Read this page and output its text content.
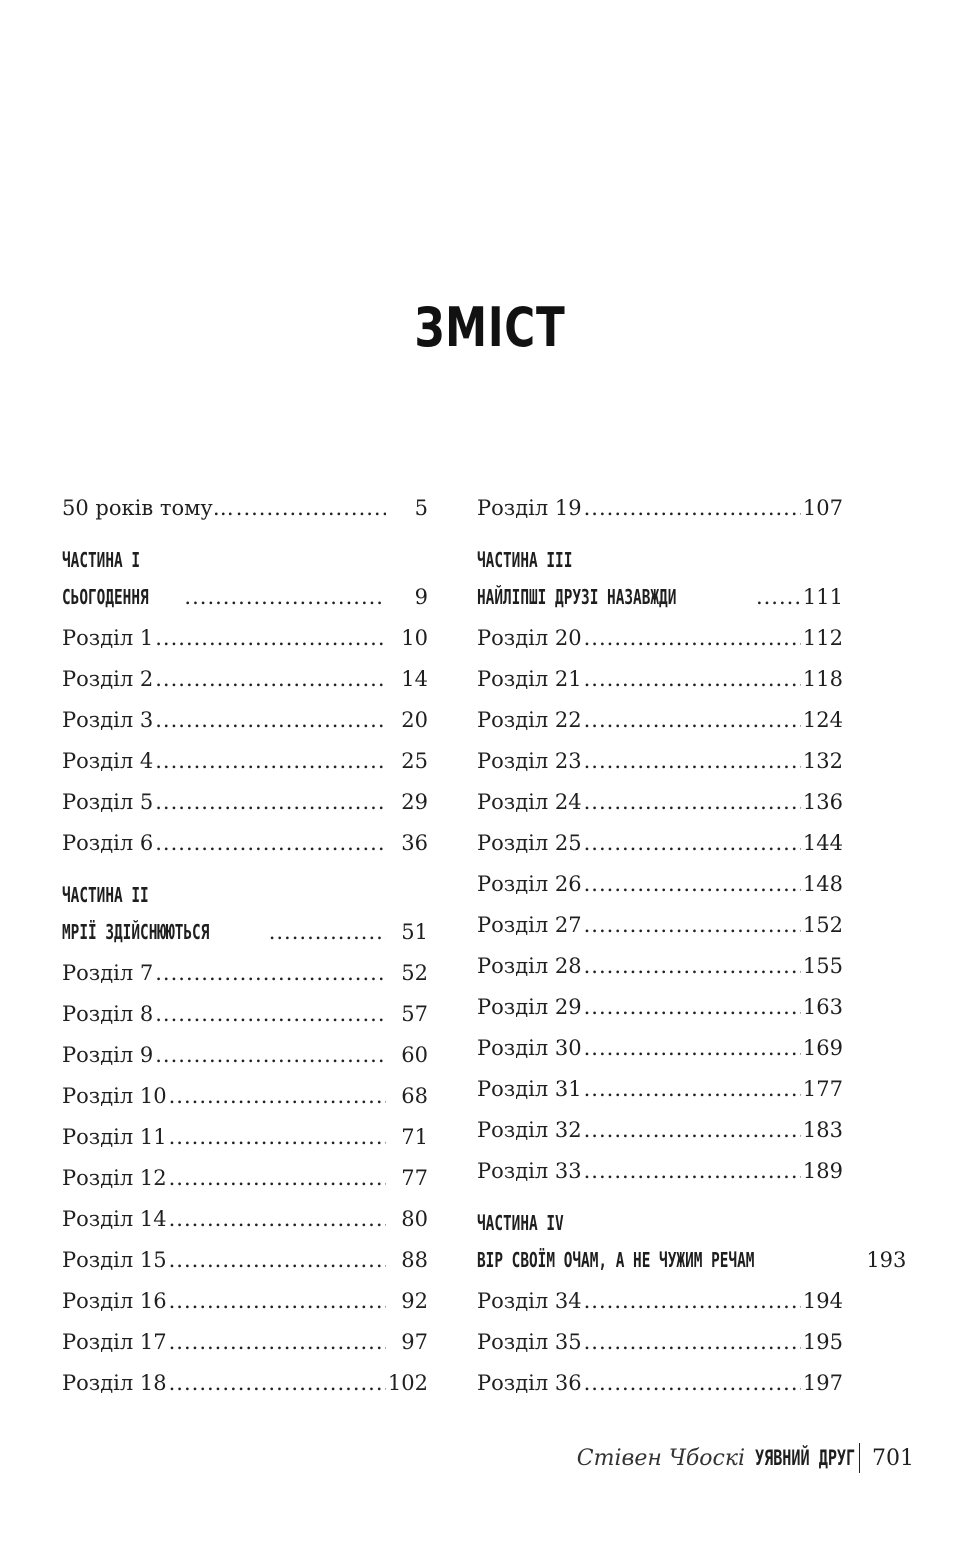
ЗМІСТ
50 років тому… .....	5
ЧАСТИНА І
СЬОГОДЕННЯ .....	9
Розділ 1 .....	10
Розділ 2 .....	14
Розділ 3 .....	20
Розділ 4 .....	25
Розділ 5 .....	29
Розділ 6 .....	36
ЧАСТИНА ІІ
МРІЇ ЗДІЙСНЮЮТЬСЯ .....	51
Розділ 7 .....	52
Розділ 8 .....	57
Розділ 9 .....	60
Розділ 10 .....	68
Розділ 11 .....	71
Розділ 12 .....	77
Розділ 14 .....	80
Розділ 15 .....	88
Розділ 16 .....	92
Розділ 17 .....	97
Розділ 18 .....	102
Розділ 19 .....	107
ЧАСТИНА ІІІ
НАЙЛІПШІ ДРУЗІ НАЗАВЖДИ .....	111
Розділ 20 .....	112
Розділ 21 .....	118
Розділ 22 .....	124
Розділ 23 .....	132
Розділ 24 .....	136
Розділ 25 .....	144
Розділ 26 .....	148
Розділ 27 .....	152
Розділ 28 .....	155
Розділ 29 .....	163
Розділ 30 .....	169
Розділ 31 .....	177
Розділ 32 .....	183
Розділ 33 .....	189
ЧАСТИНА IV
ВІР СВОЇМ ОЧАМ, А НЕ ЧУЖИМ РЕЧАМ	193
Розділ 34 .....	194
Розділ 35 .....	195
Розділ 36 .....	197
Стівен Чбоскі УЯВНИЙ ДРУГ 701
